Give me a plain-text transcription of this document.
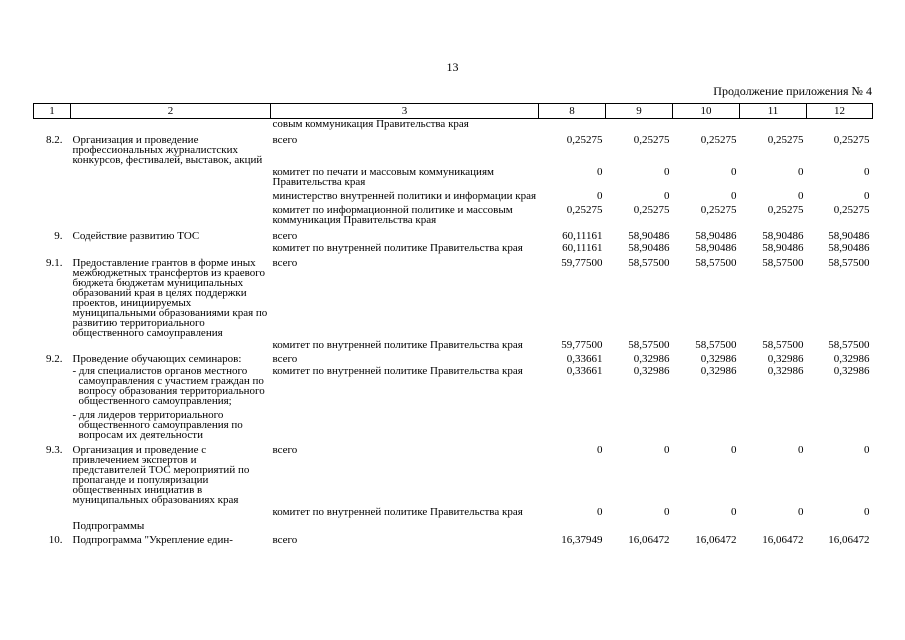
13
Продолжение приложения № 4
1	2	3	8	9	10	11	12
		совым коммуникация Правительства края					
8.2.	Организация и проведение профессиональных журналистских конкурсов, фестивалей, выставок, акций	всего	0,25275	0,25275	0,25275	0,25275	0,25275
		комитет по печати и массовым коммуникациям Правительства края	0	0	0	0	0
		министерство внутренней политики и информации края	0	0	0	0	0
		комитет по информационной политике и массовым коммуникация Правительства края	0,25275	0,25275	0,25275	0,25275	0,25275
9.	Содействие развитию ТОС	всего	60,11161	58,90486	58,90486	58,90486	58,90486
		комитет по внутренней политике Правительства края	60,11161	58,90486	58,90486	58,90486	58,90486
9.1.	Предоставление грантов в форме иных межбюджетных трансфертов из краевого бюджета бюджетам муниципальных образований края в целях поддержки проектов, инициируемых муниципальными образованиями края по развитию территориального общественного самоуправления	всего	59,77500	58,57500	58,57500	58,57500	58,57500
		комитет по внутренней политике Правительства края	59,77500	58,57500	58,57500	58,57500	58,57500
9.2.	Проведение обучающих семинаров:	всего	0,33661	0,32986	0,32986	0,32986	0,32986
	- для специалистов органов местного самоуправления с участием граждан по вопросу образования территориального общественного самоуправления;	комитет по внутренней политике Правительства края	0,33661	0,32986	0,32986	0,32986	0,32986
	- для лидеров территориального общественного самоуправления по вопросам их деятельности						
9.3.	Организация и проведение с привлечением экспертов и представителей ТОС мероприятий по пропаганде и популяризации общественных инициатив в муниципальных образованиях края	всего	0	0	0	0	0
		комитет по внутренней политике Правительства края	0	0	0	0	0
	Подпрограммы						
10.	Подпрограмма "Укрепление един-	всего	16,37949	16,06472	16,06472	16,06472	16,06472
